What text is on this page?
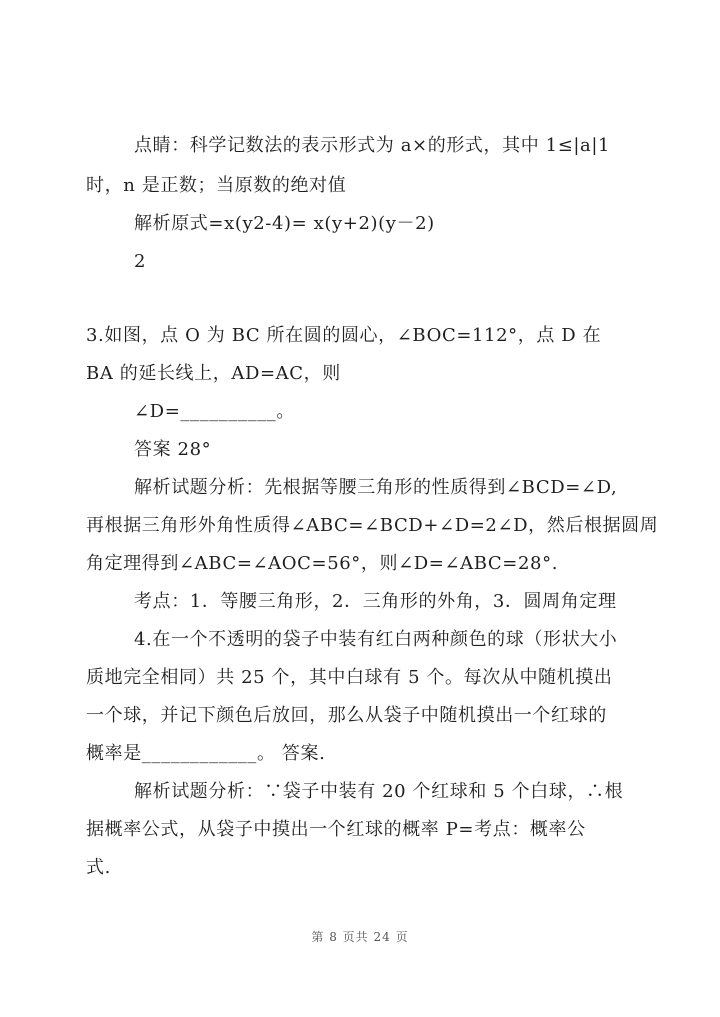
点睛：科学记数法的表示形式为 a×的形式，其中 1≤|a|1
时，n 是正数；当原数的绝对值
解析原式=x(y2-4)= x(y+2)(y－2)
2
3.如图，点 O 为 BC 所在圆的圆心，∠BOC=112°，点 D 在
BA 的延长线上，AD=AC，则
∠D=__________。
答案 28°
解析试题分析：先根据等腰三角形的性质得到∠BCD=∠D,
再根据三角形外角性质得∠ABC=∠BCD+∠D=2∠D，然后根据圆周
角定理得到∠ABC=∠AOC=56°，则∠D=∠ABC=28°.
考点：1．等腰三角形，2．三角形的外角，3．圆周角定理
4.在一个不透明的袋子中装有红白两种颜色的球（形状大小
质地完全相同）共 25 个，其中白球有 5 个。每次从中随机摸出
一个球，并记下颜色后放回，那么从袋子中随机摸出一个红球的
概率是____________。 答案.
解析试题分析：∵袋子中装有 20 个红球和 5 个白球，∴根
据概率公式，从袋子中摸出一个红球的概率 P=考点：概率公
式.
第 8 页共 24 页
